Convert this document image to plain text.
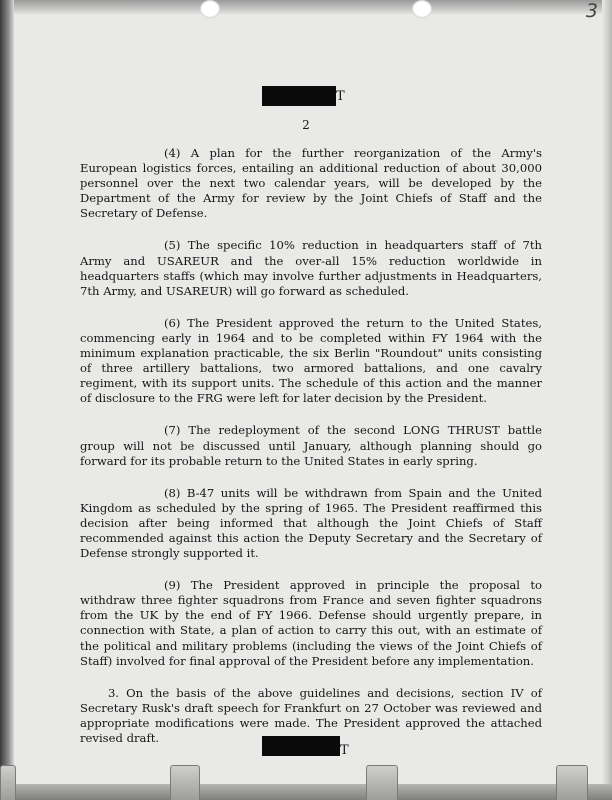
3
T
2

(4) A plan for the further reorganization of the Army's European logistics forces, entailing an additional reduction of about 30,000 personnel over the next two calendar years, will be developed by the Department of the Army for review by the Joint Chiefs of Staff and the Secretary of Defense.

(5) The specific 10% reduction in headquarters staff of 7th Army and USAREUR and the over-all 15% reduction worldwide in headquarters staffs (which may involve further adjustments in Headquarters, 7th Army, and USAREUR) will go forward as scheduled.

(6) The President approved the return to the United States, commencing early in 1964 and to be completed within FY 1964 with the minimum explanation practicable, the six Berlin "Roundout" units consisting of three artillery battalions, two armored battalions, and one cavalry regiment, with its support units. The schedule of this action and the manner of disclosure to the FRG were left for later decision by the President.

(7) The redeployment of the second LONG THRUST battle group will not be discussed until January, although planning should go forward for its probable return to the United States in early spring.

(8) B-47 units will be withdrawn from Spain and the United Kingdom as scheduled by the spring of 1965. The President reaffirmed this decision after being informed that although the Joint Chiefs of Staff recommended against this action the Deputy Secretary and the Secretary of Defense strongly supported it.

(9) The President approved in principle the proposal to withdraw three fighter squadrons from France and seven fighter squadrons from the UK by the end of FY 1966. Defense should urgently prepare, in connection with State, a plan of action to carry this out, with an estimate of the political and military problems (including the views of the Joint Chiefs of Staff) involved for final approval of the President before any implementation.

3. On the basis of the above guidelines and decisions, section IV of Secretary Rusk's draft speech for Frankfurt on 27 October was reviewed and appropriate modifications were made. The President approved the attached revised draft.

T
